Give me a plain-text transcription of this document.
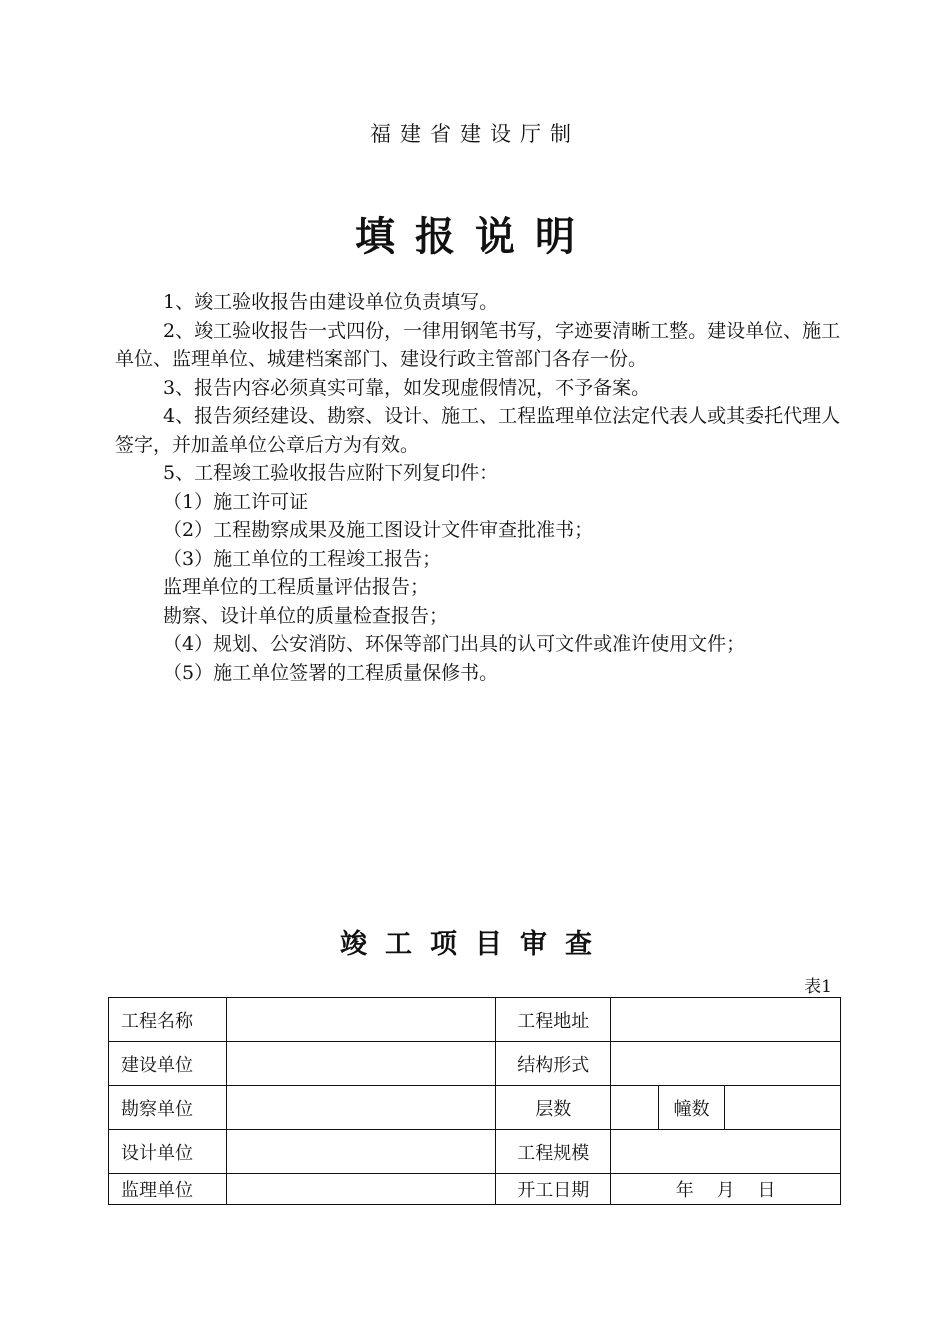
福建省建设厅制
填报说明
1、竣工验收报告由建设单位负责填写。
2、竣工验收报告一式四份，一律用钢笔书写，字迹要清晰工整。建设单位、施工单位、监理单位、城建档案部门、建设行政主管部门各存一份。
3、报告内容必须真实可靠，如发现虚假情况，不予备案。
4、报告须经建设、勘察、设计、施工、工程监理单位法定代表人或其委托代理人签字，并加盖单位公章后方为有效。
5、工程竣工验收报告应附下列复印件：
（1）施工许可证
（2）工程勘察成果及施工图设计文件审查批准书；
（3）施工单位的工程竣工报告；
监理单位的工程质量评估报告；
勘察、设计单位的质量检查报告；
（4）规划、公安消防、环保等部门出具的认可文件或准许使用文件；
（5）施工单位签署的工程质量保修书。
竣工项目审查
表1
工程名称		工程地址			
建设单位		结构形式			
勘察单位		层数		幢数	
设计单位		工程规模			
监理单位		开工日期	年    月    日		
